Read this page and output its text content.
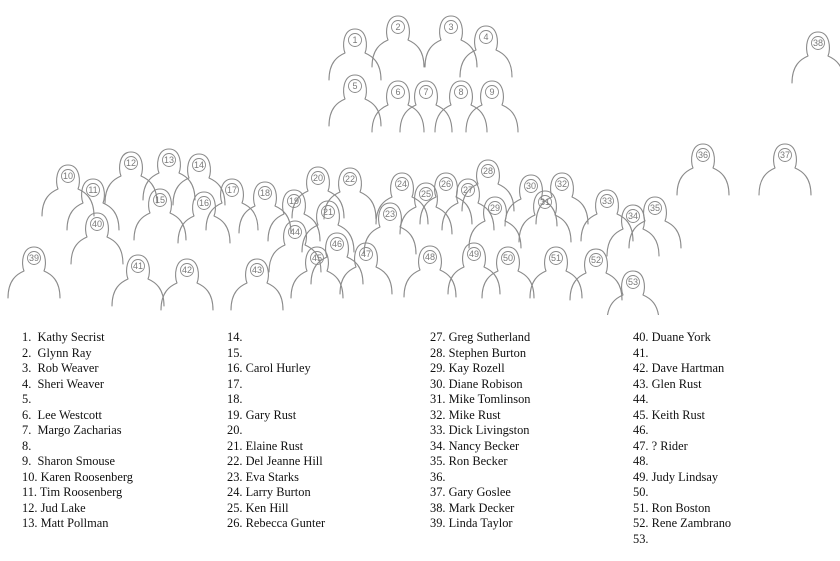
1
2	3
4
5
6	7	8	9
10
11
12	13 14
15	16
17	18
19
20
21
22
23
24
25
26
27
28
29
30
31
32
33
34
35
36	37
38
39
40
41	42	43
44
45
46
47	48	49	50	51	52
53
1. Kathy Secrist
2. Glynn Ray
3. Rob Weaver
4. Sheri Weaver
5.
6. Lee Westcott
7. Margo Zacharias
8.
9. Sharon Smouse
10. Karen Roosenberg
11. Tim Roosenberg
12. Jud Lake
13. Matt Pollman
14.
15.
16. Carol Hurley
17.
18.
19. Gary Rust
20.
21. Elaine Rust
22. Del Jeanne Hill
23. Eva Starks
24. Larry Burton
25. Ken Hill
26. Rebecca Gunter
27. Greg Sutherland
28. Stephen Burton
29. Kay Rozell
30. Diane Robison
31. Mike Tomlinson
32. Mike Rust
33. Dick Livingston
34. Nancy Becker
35. Ron Becker
36.
37. Gary Goslee
38. Mark Decker
39. Linda Taylor
40. Duane York
41.
42. Dave Hartman
43. Glen Rust
44.
45. Keith Rust
46.
47. ? Rider
48.
49. Judy Lindsay
50.
51. Ron Boston
52. Rene Zambrano
53.
